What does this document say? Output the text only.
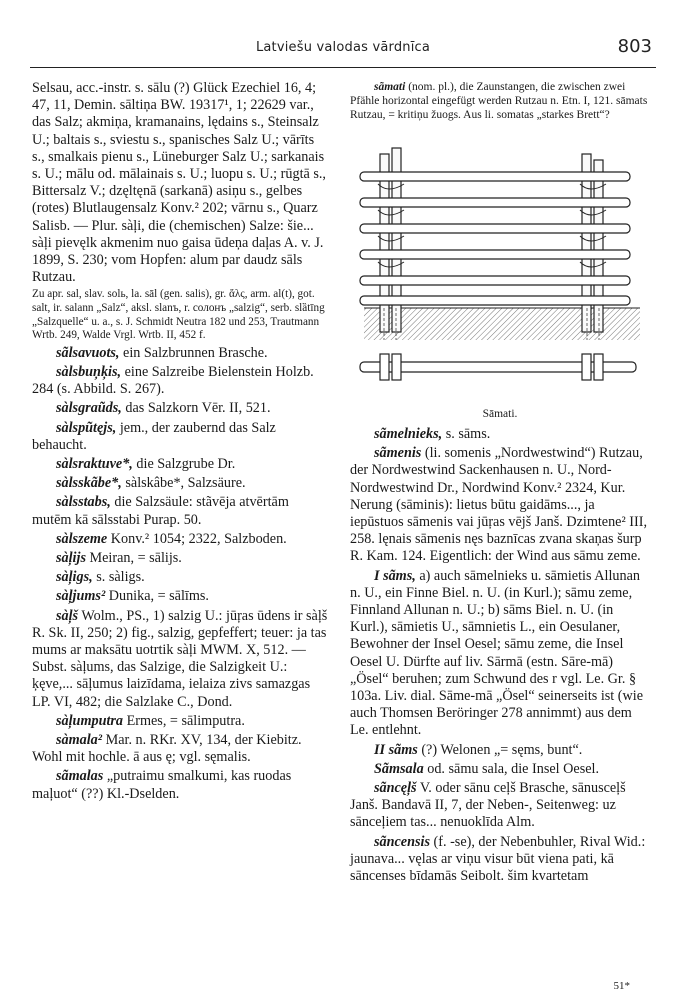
Latviešu valodas vārdnīca	803

Selsau, acc.-instr. s. sālu (?) Glück Ezechiel 16, 4; 47, 11, Demin. sāltiņa BW. 19317¹, 1; 22629 var., das Salz; akmiņa, kramanains, lędains s., Steinsalz U.; baltais s., sviestu s., spanisches Salz U.; vārīts s., smalkais pienu s., Lüneburger Salz U.; sarkanais s. U.; mālu od. mālainais s. U.; luopu s. U.; rūgtā s., Bittersalz V.; dzęltęnā (sarkanā) asiņu s., gelbes (rotes) Blutlaugensalz Konv.² 202; vārnu s., Quarz Salisb. — Plur. sàļi, die (chemischen) Salze: šie... sàļi pievęlk akmenim nuo gaisa ūdeņa daļas A. v. J. 1899, S. 230; vom Hopfen: alum par daudz sāls Rutzau.

Zu apr. sal, slav. solь, la. sāl (gen. salis), gr. ἅλς, arm. al(t), got. salt, ir. salann „Salz“, aksl. slanъ, r. cолонъ „salzig“, serb. slȁtīng „Salzquelle“ u. a., s. J. Schmidt Neutra 182 und 253, Trautmann Wrtb. 249, Walde Vrgl. Wrtb. II, 452 f.

sãlsavuots, ein Salzbrunnen Brasche.

sàlsbuņķis, eine Salzreibe Bielenstein Holzb. 284 (s. Abbild. S. 267).

sàlsgraũds, das Salzkorn Vēr. II, 521.

sàlspũtęjs, jem., der zaubernd das Salz behaucht.

sàlsraktuve*, die Salzgrube Dr.

sàlsskãbe*, sàlskâbe*, Salzsäure.

sàlsstabs, die Salzsäule: stãvēja atvērtām mutēm kā sālsstabi Purap. 50.

sàlszeme Konv.² 1054; 2322, Salzboden.

sàļijs Meiran, = sālijs.

sàļigs, s. sàligs.

sàļjums² Dunika, = sālīms.

sàļš Wolm., PS., 1) salzig U.: jūŗas ūdens ir sàļš R. Sk. II, 250; 2) fig., salzig, gepfeffert; teuer: ja tas mums ar maksātu uotrtik sàļi MWM. X, 512. — Subst. sàļums, das Salzige, die Salzigkeit U.: ķęve,... sāļumus laizīdama, ielaiza zivs samazgas LP. VI, 482; die Salzlake C., Dond.

sàļumputra Ermes, = sālimputra.

sàmala² Mar. n. RKr. XV, 134, der Kiebitz. Wohl mit hochle. ā aus ę; vgl. sęmalis.

sãmalas „putraimu smalkumi, kas ruodas maļuot“ (??) Kl.-Dselden.

sãmati (nom. pl.), die Zaunstangen, die zwischen zwei Pfähle horizontal eingefügt werden Rutzau n. Etn. I, 121. sāmats Rutzau, = kritiņu žuogs. Aus li. somatas „starkes Brett“?

Sāmati.

sãmelnieks, s. sāms.

sãmenis (li. somenis „Nordwestwind“) Rutzau, der Nordwestwind Sackenhausen n. U., Nord-Nordwestwind Dr., Nordwind Konv.² 2324, Kur. Nerung (sāminis): lietus būtu gaidāms..., ja iepūstuos sāmenis vai jūŗas vējš Janš. Dzimtene² III, 258. lęnais sāmenis nęs baznīcas zvana skaņas šurp R. Kam. 124. Eigentlich: der Wind aus sāmu zeme.

I sãms, a) auch sāmelnieks u. sāmietis Allunan n. U., ein Finne Biel. n. U. (in Kurl.); sāmu zeme, Finnland Allunan n. U.; b) sāms Biel. n. U. (in Kurl.), sāmietis U., sāmnietis L., ein Oesulaner, Bewohner der Insel Oesel; sāmu zeme, die Insel Oesel U. Dürfte auf liv. Sārmā (estn. Sāre-mā) „Ösel“ beruhen; zum Schwund des r vgl. Le. Gr. § 103a. Liv. dial. Sāme-mā „Ösel“ seinerseits ist (wie auch Thomsen Beröringer 278 annimmt) aus dem Le. entlehnt.

II sãms (?) Welonen „= sęms, bunt“.

Sãmsala od. sāmu sala, die Insel Oesel.

sãncęļš V. oder sānu ceļš Brasche, sānusceļš Janš. Bandavā II, 7, der Neben-, Seitenweg: uz sānceļiem tas... nenuoklīda Alm.

sãncensis (f. -se), der Nebenbuhler, Rival Wid.: jaunava... vęlas ar viņu visur būt viena pati, kā sāncenses bīdamās Seibolt. šim kvartetam

51*
